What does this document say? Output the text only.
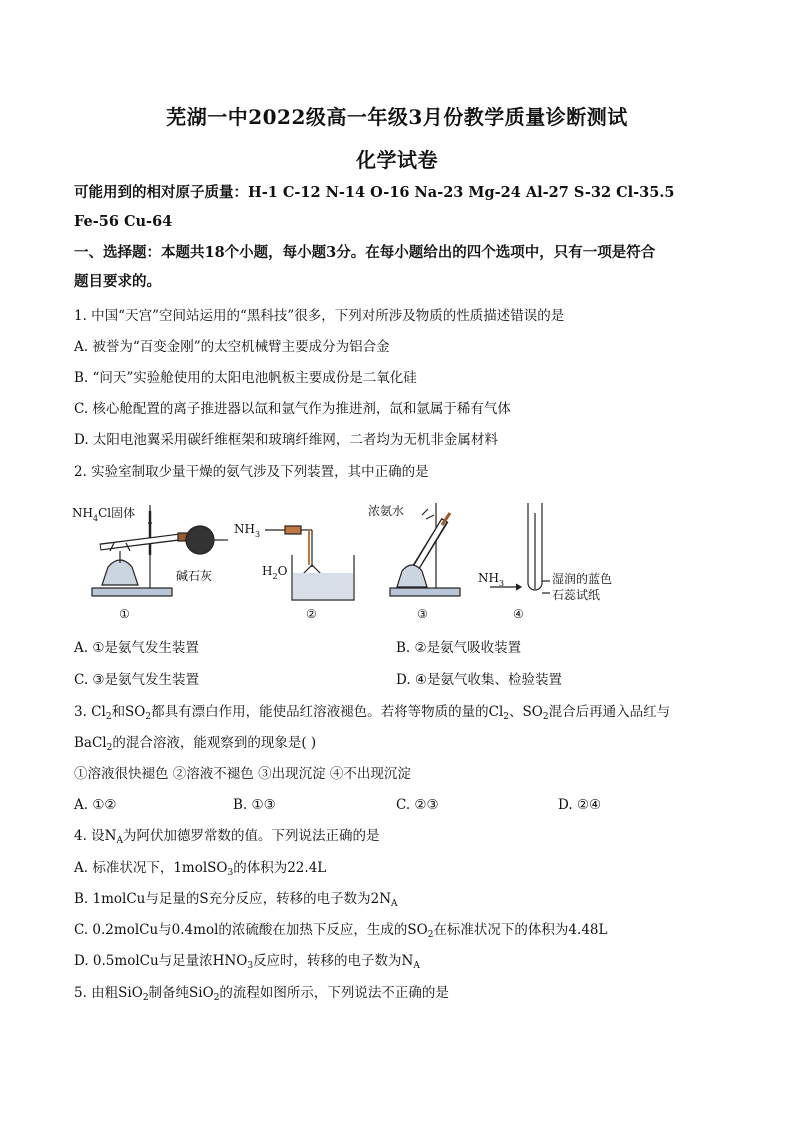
芜湖一中2022级高一年级3月份教学质量诊断测试
化学试卷
可能用到的相对原子质量：H-1 C-12 N-14 O-16 Na-23 Mg-24 Al-27 S-32 Cl-35.5
Fe-56 Cu-64
一、选择题：本题共18个小题，每小题3分。在每小题给出的四个选项中，只有一项是符合
题目要求的。
1. 中国“天宫”空间站运用的“黑科技”很多，下列对所涉及物质的性质描述错误的是
A. 被誉为“百变金刚”的太空机械臂主要成分为铝合金
B. “问天”实验舱使用的太阳电池帆板主要成份是二氧化硅
C. 核心舱配置的离子推进器以氙和氩气作为推进剂，氙和氩属于稀有气体
D. 太阳电池翼采用碳纤维框架和玻璃纤维网，二者均为无机非金属材料
2. 实验室制取少量干燥的氨气涉及下列装置，其中正确的是
$NH_4Cl$固体
碱石灰
①
$NH_3$
$H_2O$
②
浓氨水
③
$NH_3$	湿润的蓝色
石蕊试纸
④
A. ①是氨气发生装置	B. ②是氨气吸收装置
C. ③是氨气发生装置	D. ④是氨气收集、检验装置
3. $Cl_2$和$SO_2$都具有漂白作用，能使品红溶液褪色。若将等物质的量的$Cl_2$、$SO_2$混合后再通入品红与
BaCl$_2$的混合溶液，能观察到的现象是( )
①溶液很快褪色 ②溶液不褪色 ③出现沉淀 ④不出现沉淀
A. ①②	B. ①③	C. ②③	D. ②④
4. 设$N_A$为阿伏加德罗常数的值。下列说法正确的是
A. 标准状况下，1molSO$_3$的体积为22.4L
B. 1molCu与足量的S充分反应，转移的电子数为$2N_A$
C. 0.2molCu与0.4mol的浓硫酸在加热下反应，生成的$SO_2$在标准状况下的体积为4.48L
D. 0.5molCu与足量浓$HNO_3$反应时，转移的电子数为$N_A$
5. 由粗SiO$_2$制备纯SiO$_2$的流程如图所示，下列说法不正确的是
